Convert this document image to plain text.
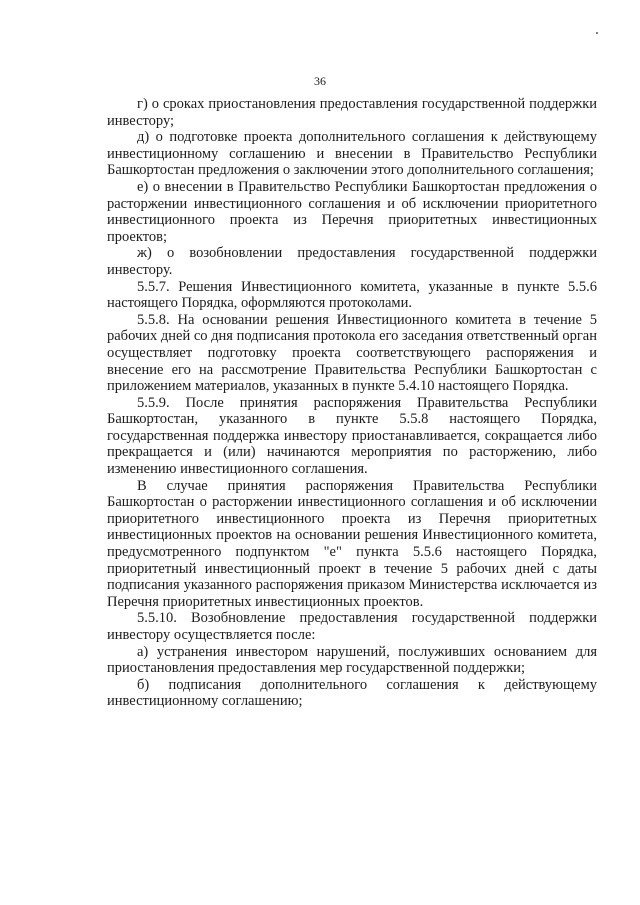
36

г) о сроках приостановления предоставления государственной поддержки инвестору;

д) о подготовке проекта дополнительного соглашения к действующему инвестиционному соглашению и внесении в Правительство Республики Башкортостан предложения о заключении этого дополнительного соглашения;

е) о внесении в Правительство Республики Башкортостан предложения о расторжении инвестиционного соглашения и об исключении приоритетного инвестиционного проекта из Перечня приоритетных инвестиционных проектов;

ж) о возобновлении предоставления государственной поддержки инвестору.

5.5.7. Решения Инвестиционного комитета, указанные в пункте 5.5.6 настоящего Порядка, оформляются протоколами.

5.5.8. На основании решения Инвестиционного комитета в течение 5 рабочих дней со дня подписания протокола его заседания ответственный орган осуществляет подготовку проекта соответствующего распоряжения и внесение его на рассмотрение Правительства Республики Башкортостан с приложением материалов, указанных в пункте 5.4.10 настоящего Порядка.

5.5.9. После принятия распоряжения Правительства Республики Башкортостан, указанного в пункте 5.5.8 настоящего Порядка, государственная поддержка инвестору приостанавливается, сокращается либо прекращается и (или) начинаются мероприятия по расторжению, либо изменению инвестиционного соглашения.

В случае принятия распоряжения Правительства Республики Башкортостан о расторжении инвестиционного соглашения и об исключении приоритетного инвестиционного проекта из Перечня приоритетных инвестиционных проектов на основании решения Инвестиционного комитета, предусмотренного подпунктом "е" пункта 5.5.6 настоящего Порядка, приоритетный инвестиционный проект в течение 5 рабочих дней с даты подписания указанного распоряжения приказом Министерства исключается из Перечня приоритетных инвестиционных проектов.

5.5.10. Возобновление предоставления государственной поддержки инвестору осуществляется после:

а) устранения инвестором нарушений, послуживших основанием для приостановления предоставления мер государственной поддержки;

б) подписания дополнительного соглашения к действующему инвестиционному соглашению;
